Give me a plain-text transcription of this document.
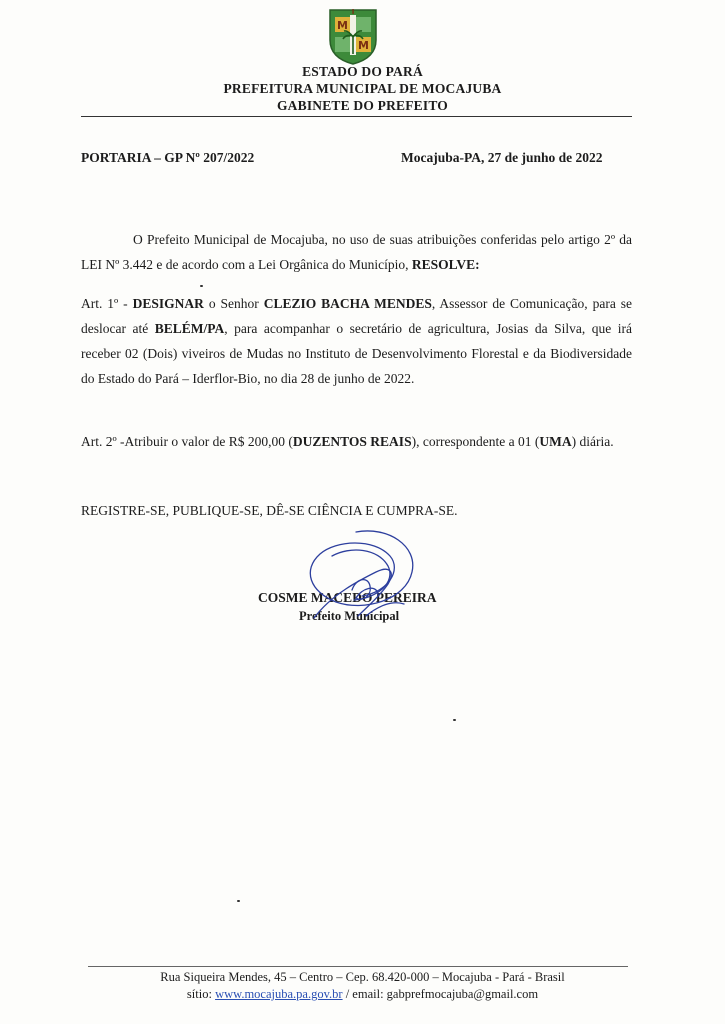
M
I
M
ESTADO DO PARÁ
PREFEITURA MUNICIPAL DE MOCAJUBA
GABINETE DO PREFEITO
PORTARIA – GP Nº 207/2022	Mocajuba-PA, 27 de junho de 2022
O Prefeito Municipal de Mocajuba, no uso de suas atribuições conferidas pelo artigo 2º da LEI Nº 3.442 e de acordo com a Lei Orgânica do Município, RESOLVE:
Art. 1º - DESIGNAR o Senhor CLEZIO BACHA MENDES, Assessor de Comunicação, para se deslocar até BELÉM/PA, para acompanhar o secretário de agricultura, Josias da Silva, que irá receber 02 (Dois) viveiros de Mudas no Instituto de Desenvolvimento Florestal e da Biodiversidade do Estado do Pará – Iderflor-Bio, no dia 28 de junho de 2022.
Art. 2º -Atribuir o valor de R$ 200,00 (DUZENTOS REAIS), correspondente a 01 (UMA) diária.
REGISTRE-SE, PUBLIQUE-SE, DÊ-SE CIÊNCIA E CUMPRA-SE.
COSME MACEDO PEREIRA
Prefeito Municipal
Rua Siqueira Mendes, 45 – Centro – Cep. 68.420-000 – Mocajuba - Pará - Brasil
sítio: www.mocajuba.pa.gov.br / email: gabprefmocajuba@gmail.com
